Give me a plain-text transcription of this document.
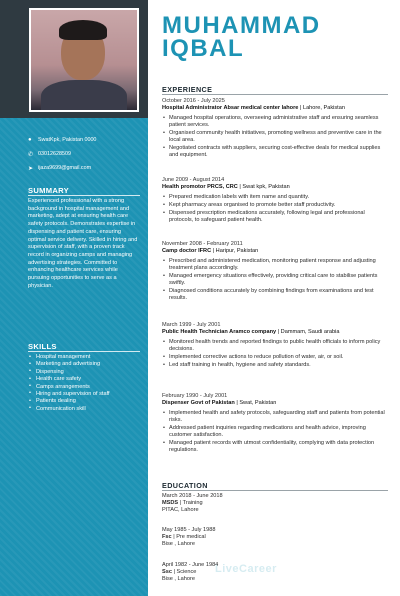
●	SwatKpk, Pakistan 0000
✆ 03012628509
➤ ijaza9699@gmail.com
SUMMARY
Experienced professional with a strong background in hospital management and marketing, adept at ensuring health care safety protocols. Demonstrates expertise in dispensing and patient care, ensuring optimal service delivery. Skilled in hiring and supervision of staff, with a proven track record in organizing camps and managing advertising strategies. Committed to enhancing healthcare services while pursuing opportunities to serve as a physician.
SKILLS
• Hospital management
• Marketing and advertising
• Dispensing
• Health care safety
• Camps arrangements
• Hiring and supervision of staff
• Patients dealing
• Communication skill
MUHAMMAD
IQBAL
EXPERIENCE
October 2016 - July 2025
Hospital Administrator Absar medical center lahore | Lahore, Pakistan
• Managed hospital operations, overseeing administrative staff and ensuring seamless patient services.
• Organised community health initiatives, promoting wellness and preventive care in the local area.
• Negotiated contracts with suppliers, securing cost-effective deals for medical supplies and equipment.
June 2009 - August 2014
Health promotor PRCS, CRC | Swat kpk, Pakistan
• Prepared medication labels with item name and quantity.
• Kept pharmacy areas organised to promote better staff productivity.
• Dispensed prescription medications accurately, following legal and professional protocols, to safeguard patient health.
November 2008 - February 2011
Camp doctor IFRC | Haripur, Pakistan
• Prescribed and administered medication, monitoring patient response and adjusting treatment plans accordingly.
• Managed emergency situations effectively, providing critical care to stabilise patients swiftly.
• Diagnosed conditions accurately by combining findings from examinations and test results.
March 1999 - July 2001
Public Health Technician Aramco company | Dammam, Saudi arabia
• Monitored health trends and reported findings to public health officials to inform policy decisions.
• Implemented corrective actions to reduce pollution of water, air, or soil.
• Led staff training in health, hygiene and safety standards.
February 1990 - July 2001
Dispenser Govt of Pakistan | Swat, Pakistan
• Implemented health and safety protocols, safeguarding staff and patients from potential risks.
• Addressed patient inquiries regarding medications and health advice, improving customer satisfaction.
• Managed patient records with utmost confidentiality, complying with data protection regulations.
EDUCATION
March 2018 - June 2018
MSDS | Training
PITAC, Lahore
May 1985 - July 1988
Fsc | Pre medical
Bise , Lahore
April 1982 - June 1984
Ssc | Science
Bise , Lahore
LiveCareer
